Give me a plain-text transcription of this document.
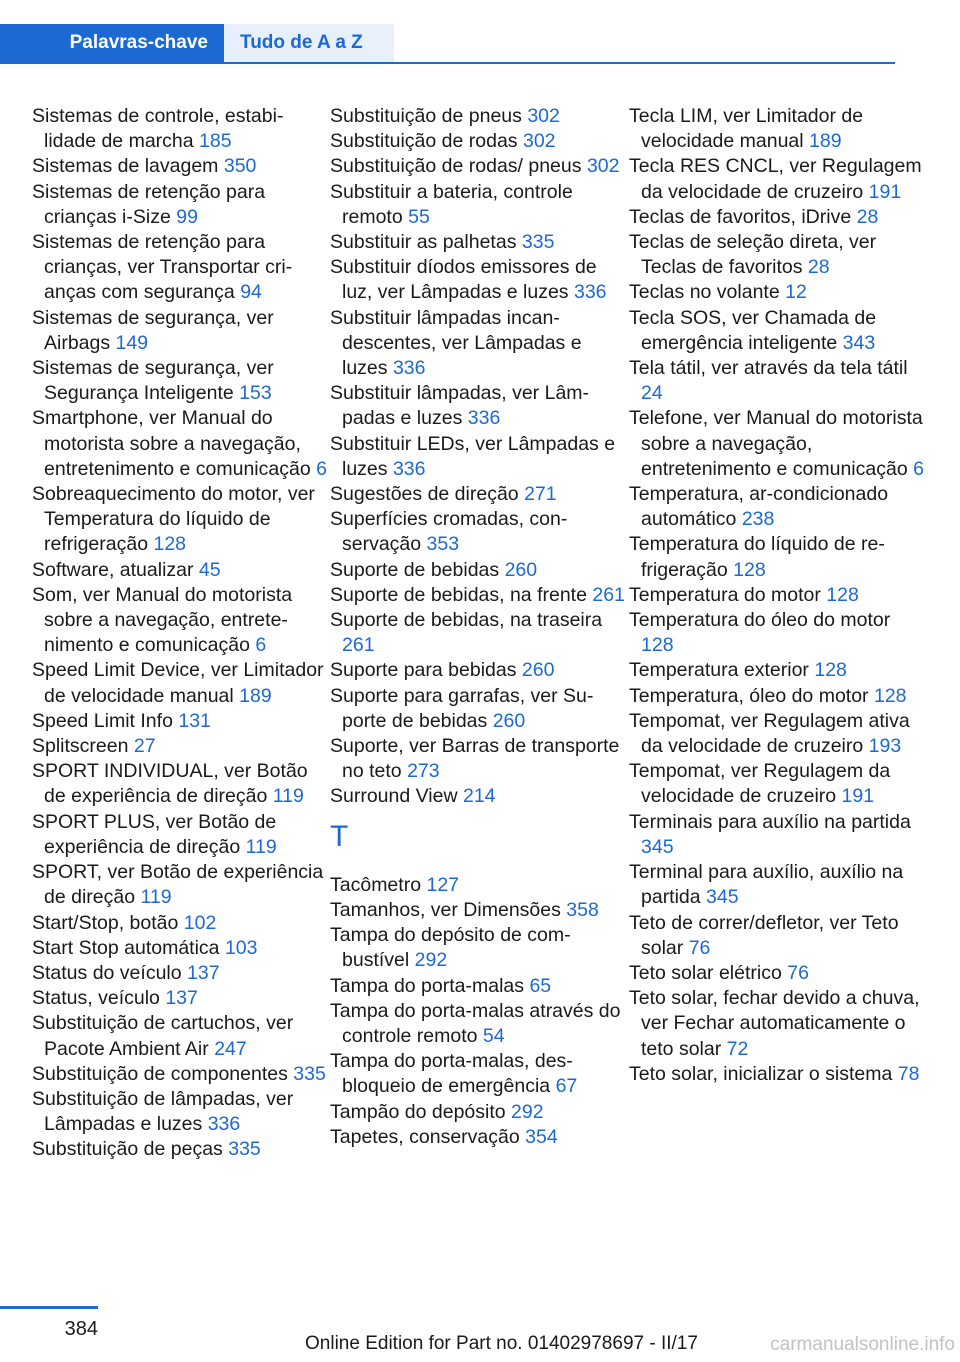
Palavras-chave	Tudo de A a Z
Sistemas de controle, estabilidade de marcha 185
Sistemas de lavagem 350
Sistemas de retenção para crianças i-Size 99
Sistemas de retenção para crianças, ver Transportar crianças com segurança 94
Sistemas de segurança, ver Airbags 149
Sistemas de segurança, ver Segurança Inteligente 153
Smartphone, ver Manual do motorista sobre a navegação, entretenimento e comunicação 6
Sobreaquecimento do motor, ver Temperatura do líquido de refrigeração 128
Software, atualizar 45
Som, ver Manual do motorista sobre a navegação, entretenimento e comunicação 6
Speed Limit Device, ver Limitador de velocidade manual 189
Speed Limit Info 131
Splitscreen 27
SPORT INDIVIDUAL, ver Botão de experiência de direção 119
SPORT PLUS, ver Botão de experiência de direção 119
SPORT, ver Botão de experiência de direção 119
Start/Stop, botão 102
Start Stop automática 103
Status do veículo 137
Status, veículo 137
Substituição de cartuchos, ver Pacote Ambient Air 247
Substituição de componentes 335
Substituição de lâmpadas, ver Lâmpadas e luzes 336
Substituição de peças 335
Substituição de pneus 302
Substituição de rodas 302
Substituição de rodas/ pneus 302
Substituir a bateria, controle remoto 55
Substituir as palhetas 335
Substituir díodos emissores de luz, ver Lâmpadas e luzes 336
Substituir lâmpadas incandescentes, ver Lâmpadas e luzes 336
Substituir lâmpadas, ver Lâmpadas e luzes 336
Substituir LEDs, ver Lâmpadas e luzes 336
Sugestões de direção 271
Superfícies cromadas, conservação 353
Suporte de bebidas 260
Suporte de bebidas, na frente 261
Suporte de bebidas, na traseira 261
Suporte para bebidas 260
Suporte para garrafas, ver Suporte de bebidas 260
Suporte, ver Barras de transporte no teto 273
Surround View 214
T
Tacômetro 127
Tamanhos, ver Dimensões 358
Tampa do depósito de combustível 292
Tampa do porta-malas 65
Tampa do porta-malas através do controle remoto 54
Tampa do porta-malas, desbloqueio de emergência 67
Tampão do depósito 292
Tapetes, conservação 354
Tecla LIM, ver Limitador de velocidade manual 189
Tecla RES CNCL, ver Regulagem da velocidade de cruzeiro 191
Teclas de favoritos, iDrive 28
Teclas de seleção direta, ver Teclas de favoritos 28
Teclas no volante 12
Tecla SOS, ver Chamada de emergência inteligente 343
Tela tátil, ver através da tela tátil 24
Telefone, ver Manual do motorista sobre a navegação, entretenimento e comunicação 6
Temperatura, ar-condicionado automático 238
Temperatura do líquido de refrigeração 128
Temperatura do motor 128
Temperatura do óleo do motor 128
Temperatura exterior 128
Temperatura, óleo do motor 128
Tempomat, ver Regulagem ativa da velocidade de cruzeiro 193
Tempomat, ver Regulagem da velocidade de cruzeiro 191
Terminais para auxílio na partida 345
Terminal para auxílio, auxílio na partida 345
Teto de correr/defletor, ver Teto solar 76
Teto solar elétrico 76
Teto solar, fechar devido a chuva, ver Fechar automaticamente o teto solar 72
Teto solar, inicializar o sistema 78
384
Online Edition for Part no. 01402978697 - II/17	carmanualsonline.info
